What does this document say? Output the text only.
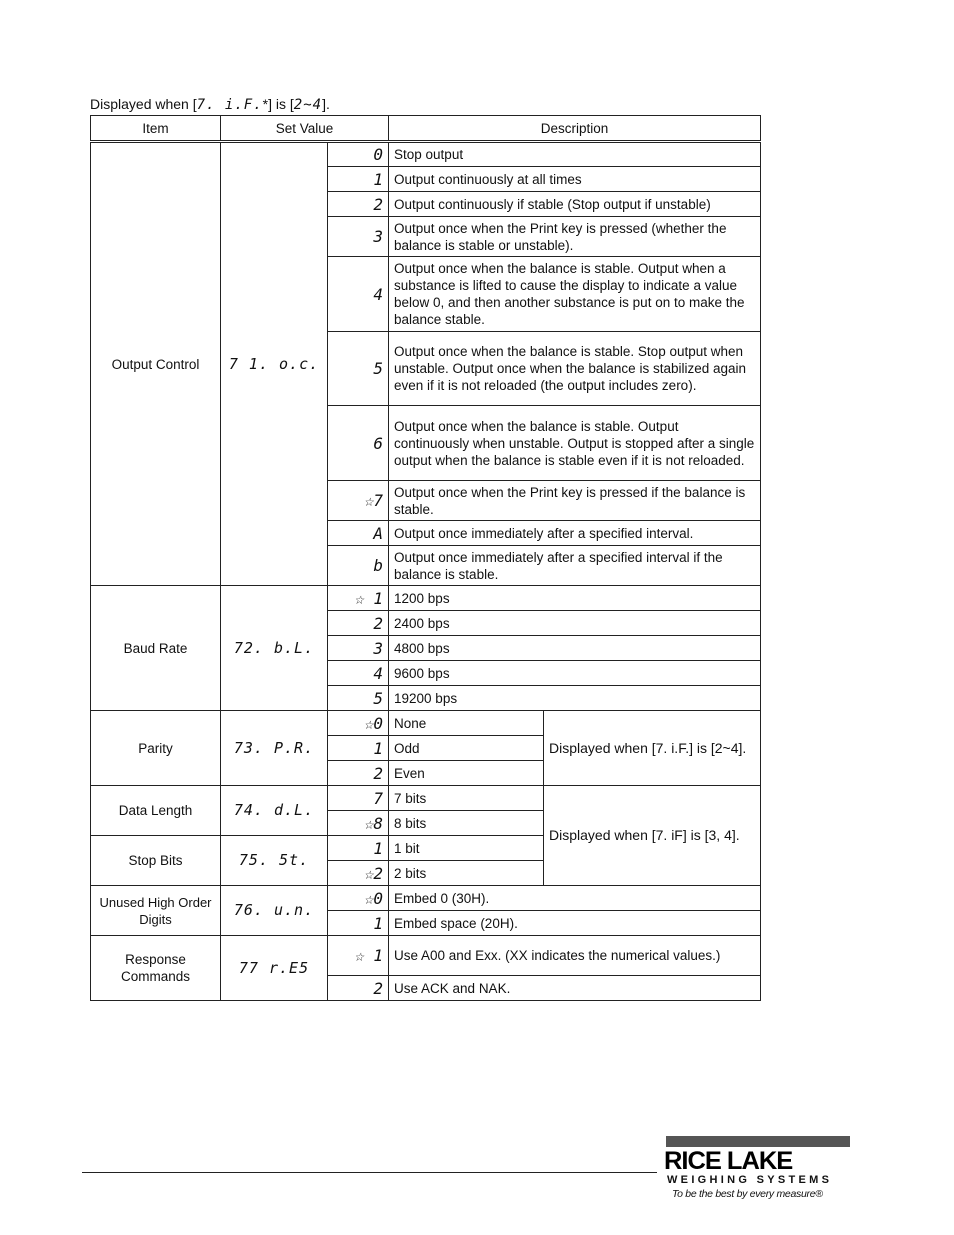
Displayed when [7. i.F.*] is [2~4].
Item	Set Value		Description	
Output Control	7 1. o.c.	0	Stop output	
		1	Output continuously at all times	
		2	Output continuously if stable (Stop output if unstable)	
		3	Output once when the Print key is pressed (whether the balance is stable or unstable).	
		4	Output once when the balance is stable. Output when a substance is lifted to cause the display to indicate a value below 0, and then another substance is put on to make the balance stable.	
		5	Output once when the balance is stable. Stop output when unstable. Output once when the balance is stabilized again even if it is not reloaded (the output includes zero).	
		6	Output once when the balance is stable. Output continuously when unstable. Output is stopped after a single output when the balance is stable even if it is not reloaded.	
		☆7	Output once when the Print key is pressed if the balance is stable.	
		A	Output once immediately after a specified interval.	
		b	Output once immediately after a specified interval if the balance is stable.	
Baud Rate	72. b.L.	☆ 1	1200 bps	
		2	2400 bps	
		3	4800 bps	
		4	9600 bps	
		5	19200 bps	
Parity	73. P.R.	☆0	None	Displayed when [7. i.F.] is [2~4].
		1	Odd	
		2	Even	
Data Length	74. d.L.	7	7 bits	Displayed when [7. iF] is [3, 4].
		☆8	8 bits	
Stop Bits	75. 5t.	1	1 bit	
		☆2	2 bits	
Unused High Order Digits	76. u.n.	☆0	Embed 0 (30H).	
		1	Embed space (20H).	
Response Commands	77 r.E5	☆ 1	Use A00 and Exx. (XX indicates the numerical values.)	
		2	Use ACK and NAK.	
RICE LAKE
WEIGHING SYSTEMS
To be the best by every measure®
